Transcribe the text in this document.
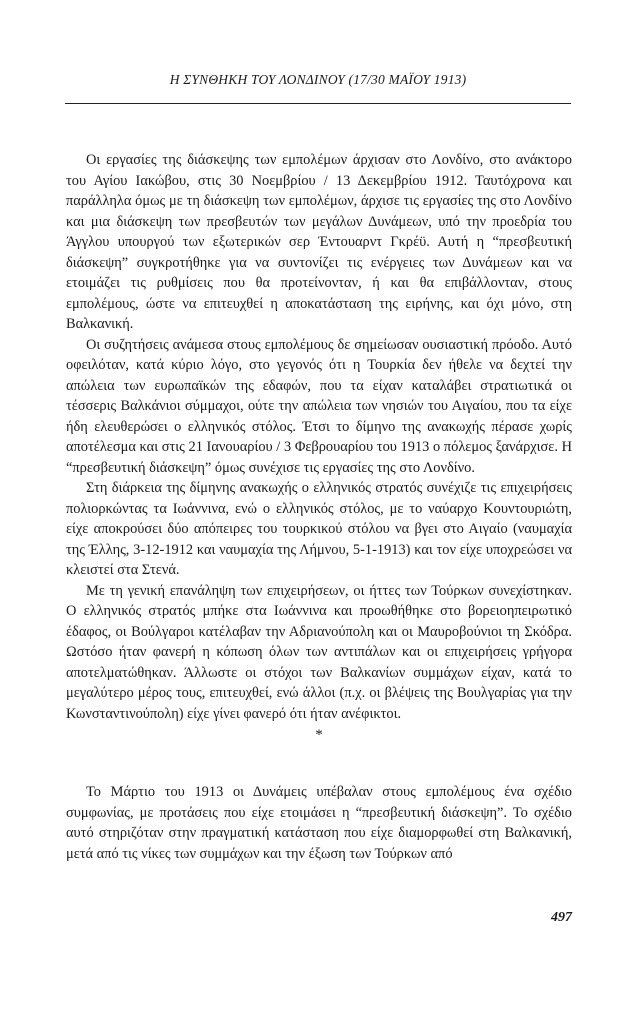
Η ΣΥΝΘΗΚΗ ΤΟΥ ΛΟΝΔΙΝΟΥ (17/30 ΜΑΪΟΥ 1913)

Οι εργασίες της διάσκεψης των εμπολέμων άρχισαν στο Λονδίνο, στο ανάκτορο του Αγίου Ιακώβου, στις 30 Νοεμβρίου / 13 Δεκεμβρίου 1912. Ταυτόχρονα και παράλληλα όμως με τη διάσκεψη των εμπολέμων, άρχισε τις εργασίες της στο Λονδίνο και μια διάσκεψη των πρεσβευτών των μεγάλων Δυνάμεων, υπό την προεδρία του Άγγλου υπουργού των εξωτερικών σερ Έντουαρντ Γκρέϋ. Αυτή η “πρεσβευτική διάσκεψη” συγκροτήθηκε για να συντονίζει τις ενέργειες των Δυνάμεων και να ετοιμάζει τις ρυθμίσεις που θα προτείνονταν, ή και θα επιβάλλονταν, στους εμπολέμους, ώστε να επιτευχθεί η αποκατάσταση της ειρήνης, και όχι μόνο, στη Βαλκανική.

Οι συζητήσεις ανάμεσα στους εμπολέμους δε σημείωσαν ουσιαστική πρόοδο. Αυτό οφειλόταν, κατά κύριο λόγο, στο γεγονός ότι η Τουρκία δεν ήθελε να δεχτεί την απώλεια των ευρωπαϊκών της εδαφών, που τα είχαν καταλάβει στρατιωτικά οι τέσσερις Βαλκάνιοι σύμμαχοι, ούτε την απώλεια των νησιών του Αιγαίου, που τα είχε ήδη ελευθερώσει ο ελληνικός στόλος. Έτσι το δίμηνο της ανακωχής πέρασε χωρίς αποτέλεσμα και στις 21 Ιανουαρίου / 3 Φεβρουαρίου του 1913 ο πόλεμος ξανάρχισε. Η “πρεσβευτική διάσκεψη” όμως συνέχισε τις εργασίες της στο Λονδίνο.

Στη διάρκεια της δίμηνης ανακωχής ο ελληνικός στρατός συνέχιζε τις επιχειρήσεις πολιορκώντας τα Ιωάννινα, ενώ ο ελληνικός στόλος, με το ναύαρχο Κουντουριώτη, είχε αποκρούσει δύο απόπειρες του τουρκικού στόλου να βγει στο Αιγαίο (ναυμαχία της Έλλης, 3-12-1912 και ναυμαχία της Λήμνου, 5-1-1913) και τον είχε υποχρεώσει να κλειστεί στα Στενά.

Με τη γενική επανάληψη των επιχειρήσεων, οι ήττες των Τούρκων συνεχίστηκαν. Ο ελληνικός στρατός μπήκε στα Ιωάννινα και προωθήθηκε στο βορειοηπειρωτικό έδαφος, οι Βούλγαροι κατέλαβαν την Αδριανούπολη και οι Μαυροβούνιοι τη Σκόδρα. Ωστόσο ήταν φανερή η κόπωση όλων των αντιπάλων και οι επιχειρήσεις γρήγορα αποτελματώθηκαν. Άλλωστε οι στόχοι των Βαλκανίων συμμάχων είχαν, κατά το μεγαλύτερο μέρος τους, επιτευχθεί, ενώ άλλοι (π.χ. οι βλέψεις της Βουλγαρίας για την Κωνσταντινούπολη) είχε γίνει φανερό ότι ήταν ανέφικτοι.

*

Το Μάρτιο του 1913 οι Δυνάμεις υπέβαλαν στους εμπολέμους ένα σχέδιο συμφωνίας, με προτάσεις που είχε ετοιμάσει η “πρεσβευτική διάσκεψη”. Το σχέδιο αυτό στηριζόταν στην πραγματική κατάσταση που είχε διαμορφωθεί στη Βαλκανική, μετά από τις νίκες των συμμάχων και την έξωση των Τούρκων από

497
